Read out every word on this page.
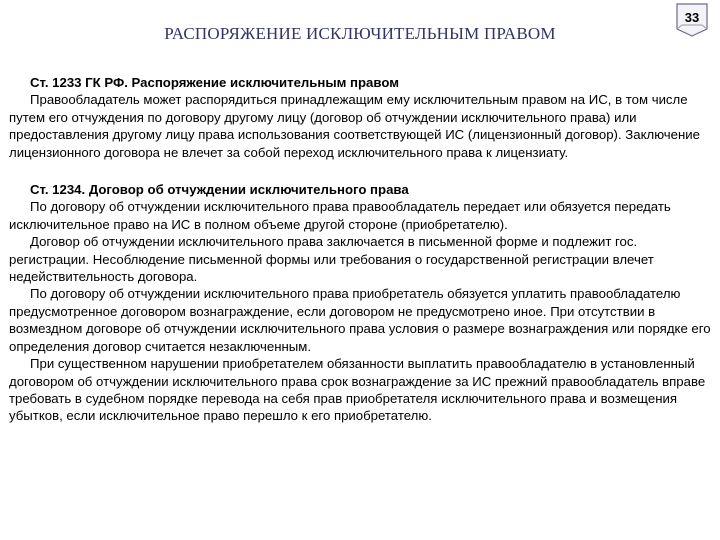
РАСПОРЯЖЕНИЕ ИСКЛЮЧИТЕЛЬНЫМ ПРАВОМ
33
Ст. 1233 ГК РФ. Распоряжение исключительным правом
Правообладатель может распорядиться принадлежащим ему исключительным правом на ИС, в том числе путем его отчуждения по договору другому лицу (договор об отчуждении исключительного права) или предоставления другому лицу права использования соответствующей ИС (лицензионный договор). Заключение лицензионного договора не влечет за собой переход исключительного права к лицензиату.
Ст. 1234. Договор об отчуждении исключительного права
По договору об отчуждении исключительного права правообладатель передает или обязуется передать исключительное право на ИС в полном объеме другой стороне (приобретателю).
Договор об отчуждении исключительного права заключается в письменной форме и подлежит гос. регистрации. Несоблюдение письменной формы или требования о государственной регистрации влечет недействительность договора.
По договору об отчуждении исключительного права приобретатель обязуется уплатить правообладателю предусмотренное договором вознаграждение, если договором не предусмотрено иное. При отсутствии в возмездном договоре об отчуждении исключительного права условия о размере вознаграждения или порядке его определения договор считается незаключенным.
При существенном нарушении приобретателем обязанности выплатить правообладателю в установленный договором об отчуждении исключительного права срок вознаграждение за ИС прежний правообладатель вправе требовать в судебном порядке перевода на себя прав приобретателя исключительного права и возмещения убытков, если исключительное право перешло к его приобретателю.
